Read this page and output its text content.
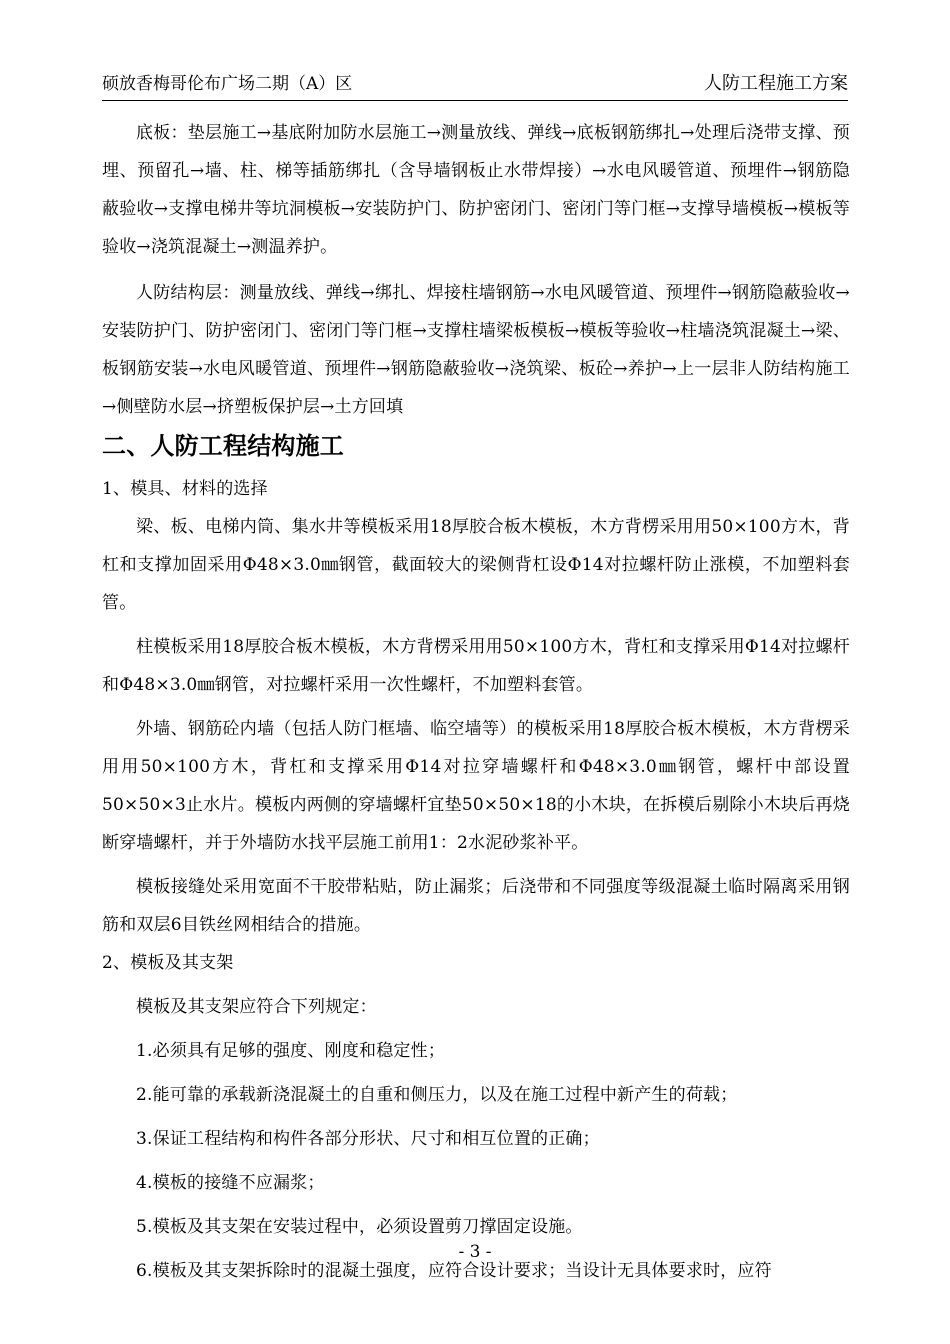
硕放香梅哥伦布广场二期（A）区	人防工程施工方案

底板：垫层施工→基底附加防水层施工→测量放线、弹线→底板钢筋绑扎→处理后浇带支撑、预埋、预留孔→墙、柱、梯等插筋绑扎（含导墙钢板止水带焊接）→水电风暖管道、预埋件→钢筋隐蔽验收→支撑电梯井等坑洞模板→安装防护门、防护密闭门、密闭门等门框→支撑导墙模板→模板等验收→浇筑混凝土→测温养护。

人防结构层：测量放线、弹线→绑扎、焊接柱墙钢筋→水电风暖管道、预埋件→钢筋隐蔽验收→安装防护门、防护密闭门、密闭门等门框→支撑柱墙梁板模板→模板等验收→柱墙浇筑混凝土→梁、板钢筋安装→水电风暖管道、预埋件→钢筋隐蔽验收→浇筑梁、板砼→养护→上一层非人防结构施工→侧壁防水层→挤塑板保护层→土方回填

二、人防工程结构施工

1、模具、材料的选择

梁、板、电梯内筒、集水井等模板采用18厚胶合板木模板，木方背楞采用用50×100方木，背杠和支撑加固采用Φ48×3.0㎜钢管，截面较大的梁侧背杠设Φ14对拉螺杆防止涨模，不加塑料套管。

柱模板采用18厚胶合板木模板，木方背楞采用用50×100方木，背杠和支撑采用Φ14对拉螺杆和Φ48×3.0㎜钢管，对拉螺杆采用一次性螺杆，不加塑料套管。

外墙、钢筋砼内墙（包括人防门框墙、临空墙等）的模板采用18厚胶合板木模板，木方背楞采用用50×100方木，背杠和支撑采用Φ14对拉穿墙螺杆和Φ48×3.0㎜钢管，螺杆中部设置50×50×3止水片。模板内两侧的穿墙螺杆宜垫50×50×18的小木块，在拆模后剔除小木块后再烧断穿墙螺杆，并于外墙防水找平层施工前用1：2水泥砂浆补平。

模板接缝处采用宽面不干胶带粘贴，防止漏浆；后浇带和不同强度等级混凝土临时隔离采用钢筋和双层6目铁丝网相结合的措施。

2、模板及其支架

模板及其支架应符合下列规定：

1.必须具有足够的强度、刚度和稳定性；

2.能可靠的承载新浇混凝土的自重和侧压力，以及在施工过程中新产生的荷载；

3.保证工程结构和构件各部分形状、尺寸和相互位置的正确；

4.模板的接缝不应漏浆；

5.模板及其支架在安装过程中，必须设置剪刀撑固定设施。

6.模板及其支架拆除时的混凝土强度，应符合设计要求；当设计无具体要求时，应符

- 3 -
